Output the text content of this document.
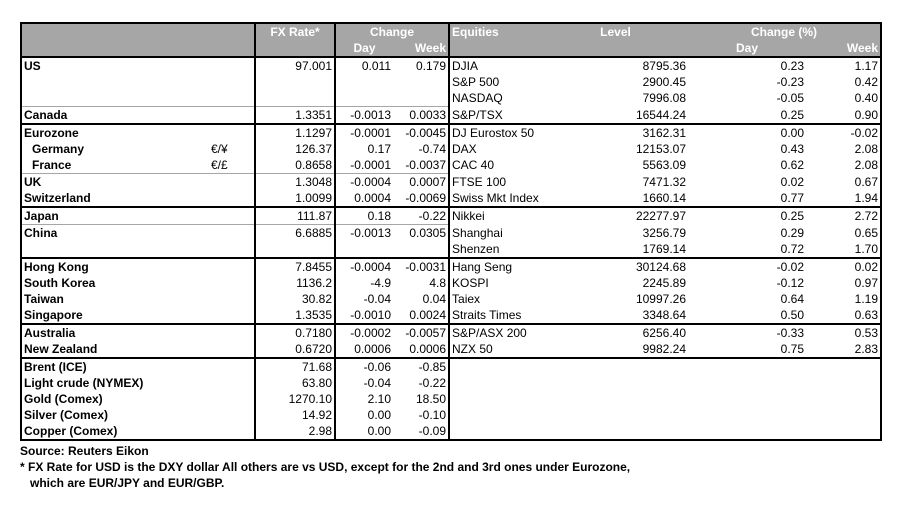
		FX Rate*	Change		Equities	Level	Change (%)	
			Day	Week			Day	Week
US		97.001	0.011	0.179	DJIA	8795.36	0.23	1.17
					S&P 500	2900.45	-0.23	0.42
					NASDAQ	7996.08	-0.05	0.40
Canada		1.3351	-0.0013	0.0033	S&P/TSX	16544.24	0.25	0.90
Eurozone		1.1297	-0.0001	-0.0045	DJ Eurostox 50	3162.31	0.00	-0.02
Germany	€/¥	126.37	0.17	-0.74	DAX	12153.07	0.43	2.08
France	€/£	0.8658	-0.0001	-0.0037	CAC 40	5563.09	0.62	2.08
UK		1.3048	-0.0004	0.0007	FTSE 100	7471.32	0.02	0.67
Switzerland		1.0099	0.0004	-0.0069	Swiss Mkt Index	1660.14	0.77	1.94
Japan		111.87	0.18	-0.22	Nikkei	22277.97	0.25	2.72
China		6.6885	-0.0013	0.0305	Shanghai	3256.79	0.29	0.65
					Shenzen	1769.14	0.72	1.70
Hong Kong		7.8455	-0.0004	-0.0031	Hang Seng	30124.68	-0.02	0.02
South Korea		1136.2	-4.9	4.8	KOSPI	2245.89	-0.12	0.97
Taiwan		30.82	-0.04	0.04	Taiex	10997.26	0.64	1.19
Singapore		1.3535	-0.0010	0.0024	Straits Times	3348.64	0.50	0.63
Australia		0.7180	-0.0002	-0.0057	S&P/ASX 200	6256.40	-0.33	0.53
New Zealand		0.6720	0.0006	0.0006	NZX 50	9982.24	0.75	2.83
Brent (ICE)		71.68	-0.06	-0.85				
Light crude (NYMEX)		63.80	-0.04	-0.22				
Gold (Comex)		1270.10	2.10	18.50				
Silver (Comex)		14.92	0.00	-0.10				
Copper (Comex)		2.98	0.00	-0.09				
Source: Reuters Eikon
* FX Rate for USD is the DXY dollar All others are vs USD, except for the 2nd and 3rd ones under Eurozone,
which are EUR/JPY and EUR/GBP.
